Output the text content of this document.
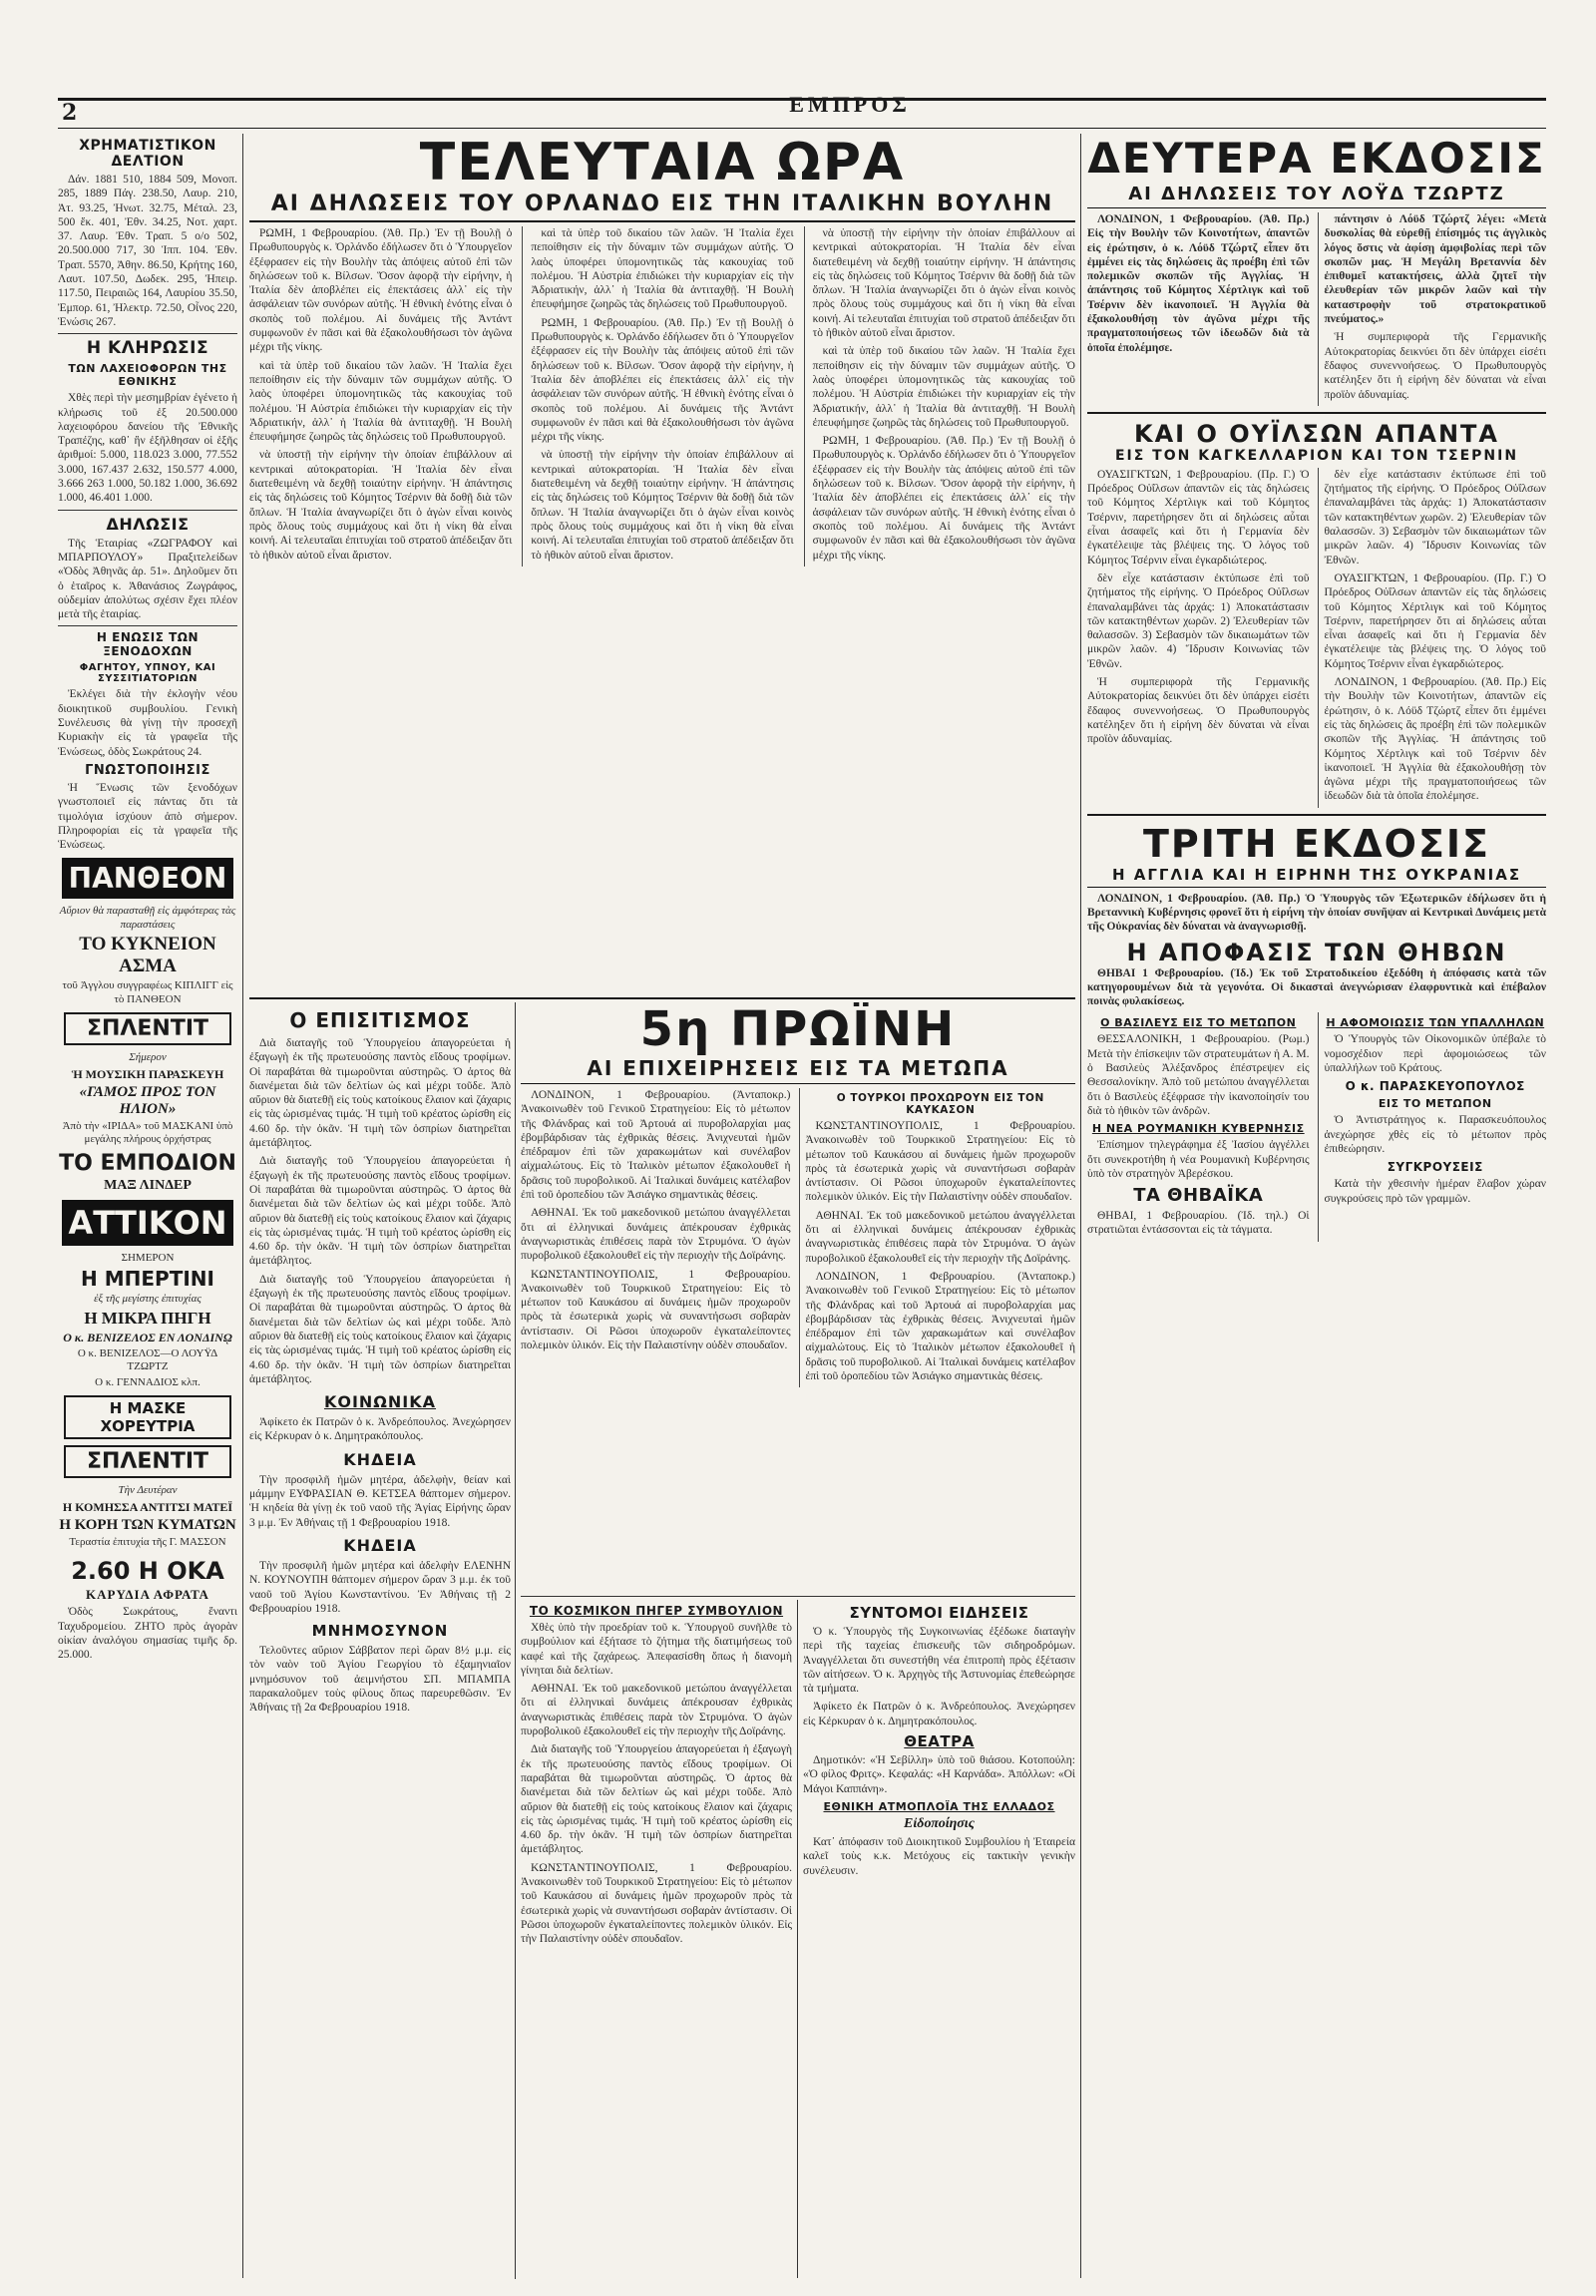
2	ΕΜΠΡΟΣ
ΧΡΗΜΑΤΙΣΤΙΚΟΝ ΔΕΛΤΙΟΝ

Δάν. 1881 510, 1884 509, Μονοπ. 285, 1889 Πάγ. 238.50, Λαυρ. 210, Ἀτ. 93.25, Ἠνωτ. 32.75, Μέταλ. 23, 500 ἔκ. 401, Ἐθν. 34.25, Νοτ. χαρτ. 37. Λαυρ. Ἐθν. Τραπ. 5 ο/ο 502, 20.500.000 717, 30 Ἱππ. 104. Ἐθν. Τραπ. 5570, Ἀθην. 86.50, Κρήτης 160, Λαυτ. 107.50, Δωδεκ. 295, Ἠπειρ. 117.50, Πειραιῶς 164, Λαυρίου 35.50, Ἐμπορ. 61, Ἠλεκτρ. 72.50, Οἶνος 220, Ἑνώσις 267.

Η ΚΛΗΡΩΣΙΣ
ΤΩΝ ΛΑΧΕΙΟΦΟΡΩΝ ΤΗΣ ΕΘΝΙΚΗΣ

Χθὲς περὶ τὴν μεσημβρίαν ἐγένετο ἡ κλήρωσις τοῦ ἐξ 20.500.000 λαχειοφόρου δανείου τῆς Ἐθνικῆς Τραπέζης, καθ᾽ ἣν ἐξῆλθησαν οἱ ἑξῆς ἀριθμοί: 5.000, 118.023 3.000, 77.552 3.000, 167.437 2.632, 150.577 4.000, 3.666 263 1.000, 50.182 1.000, 36.692 1.000, 46.401 1.000.

ΔΗΛΩΣΙΣ

Τῆς Ἑταιρίας «ΖΩΓΡΑΦΟΥ καὶ ΜΠΑΡΠΟΥΛΟΥ» Πραξιτελείδων «Ὁδὸς Ἀθηνᾶς ἀρ. 51». Δηλοῦμεν ὅτι ὁ ἑταῖρος κ. Ἀθανάσιος Ζωγράφος, οὐδεμίαν ἀπολύτως σχέσιν ἔχει πλέον μετὰ τῆς ἑταιρίας.

Η ΕΝΩΣΙΣ ΤΩΝ ΞΕΝΟΔΟΧΩΝ
ΦΑΓΗΤΟΥ, ΥΠΝΟΥ, ΚΑΙ ΣΥΣΣΙΤΙΑΤΟΡΙΩΝ

Ἐκλέγει διὰ τὴν ἐκλογὴν νέου διοικητικοῦ συμβουλίου. Γενικὴ Συνέλευσις θὰ γίνῃ τὴν προσεχῆ Κυριακὴν εἰς τὰ γραφεῖα τῆς Ἑνώσεως, ὁδὸς Σωκράτους 24.

ΓΝΩΣΤΟΠΟΙΗΣΙΣ

Ἡ Ἕνωσις τῶν ξενοδόχων γνωστοποιεῖ εἰς πάντας ὅτι τὰ τιμολόγια ἰσχύουν ἀπὸ σήμερον. Πληροφορίαι εἰς τὰ γραφεῖα τῆς Ἑνώσεως.

ΠΑΝΘΕΟΝ
Αὔριον θὰ παρασταθῇ εἰς ἀμφότερας τὰς παραστάσεις
ΤΟ ΚΥΚΝΕΙΟΝ ΑΣΜΑ
τοῦ Ἀγγλου συγγραφέως ΚΙΠΛΙΓΓ εἰς τὸ ΠΑΝΘΕΟΝ
ΣΠΛΕΝΤΙΤ
Σήμερον
Ἡ ΜΟΥΣΙΚΗ ΠΑΡΑΣΚΕΥΗ
«ΓΑΜΟΣ ΠΡΟΣ ΤΟΝ ΗΛΙΟΝ»
Ἀπὸ τὴν «ΙΡΙΔΑ» τοῦ ΜΑΣΚΑΝΙ ὑπὸ μεγάλης πλήρους ὀρχήστρας
ΤΟ ΕΜΠΟΔΙΟΝ
ΜΑΞ ΛΙΝΔΕΡ
ΑΤΤΙΚΟΝ
ΣΗΜΕΡΟΝ
Η ΜΠΕΡΤΙΝΙ
ἐξ τῆς μεγίστης ἐπιτυχίας
Η ΜΙΚΡΑ ΠΗΓΗ
Ο κ. ΒΕΝΙΖΕΛΟΣ ΕΝ ΛΟΝΔΙΝῼ
Ο κ. ΒΕΝΙΖΕΛΟΣ—Ο ΛΟΥΫΔ ΤΖΩΡΤΖ
Ο κ. ΓΕΝΝΑΔΙΟΣ κλπ.
Η ΜΑΣΚΕ ΧΟΡΕΥΤΡΙΑ
ΣΠΛΕΝΤΙΤ
Τὴν Δευτέραν
Η ΚΟΜΗΣΣΑ ΑΝΤΙΤΣΙ ΜΑΤΕΪ
Η ΚΟΡΗ ΤΩΝ ΚΥΜΑΤΩΝ
Τεραστία ἐπιτυχία τῆς Γ. ΜΑΣΣΟΝ
2.60 Η ΟΚΑ
ΚΑΡΥΔΙΑ ΑΦΡΑΤΑ

Ὁδὸς Σωκράτους, ἔναντι Ταχυδρομείου. ΖΗΤΟ πρὸς ἀγορὰν οἰκίαν ἀναλόγου σημασίας τιμῆς δρ. 25.000.

ΤΕΛΕΥΤΑΙΑ ΩΡΑ
ΑΙ ΔΗΛΩΣΕΙΣ ΤΟΥ ΟΡΛΑΝΔΟ ΕΙΣ ΤΗΝ ΙΤΑΛΙΚΗΝ ΒΟΥΛΗΝ

ΡΩΜΗ, 1 Φεβρουαρίου. (Ἀθ. Πρ.) Ἐν τῇ Βουλῇ ὁ Πρωθυπουργὸς κ. Ὀρλάνδο ἐδήλωσεν ὅτι ὁ Ὑπουργεῖον ἐξέφρασεν εἰς τὴν Βουλὴν τὰς ἀπόψεις αὐτοῦ ἐπὶ τῶν δηλώσεων τοῦ κ. Βίλσων. Ὅσον ἀφορᾷ τὴν εἰρήνην, ἡ Ἰταλία δὲν ἀποβλέπει εἰς ἐπεκτάσεις ἀλλ᾽ εἰς τὴν ἀσφάλειαν τῶν συνόρων αὐτῆς. Ἡ ἐθνικὴ ἑνότης εἶναι ὁ σκοπὸς τοῦ πολέμου. Αἱ δυνάμεις τῆς Ἀντάντ συμφωνοῦν ἐν πᾶσι καὶ θὰ ἐξακολουθήσωσι τὸν ἀγῶνα μέχρι τῆς νίκης.

καὶ τὰ ὑπὲρ τοῦ δικαίου τῶν λαῶν. Ἡ Ἰταλία ἔχει πεποίθησιν εἰς τὴν δύναμιν τῶν συμμάχων αὐτῆς. Ὁ λαὸς ὑποφέρει ὑπομονητικῶς τὰς κακουχίας τοῦ πολέμου. Ἡ Αὐστρία ἐπιδιώκει τὴν κυριαρχίαν εἰς τὴν Ἀδριατικήν, ἀλλ᾽ ἡ Ἰταλία θὰ ἀντιταχθῇ. Ἡ Βουλὴ ἐπευφήμησε ζωηρῶς τὰς δηλώσεις τοῦ Πρωθυπουργοῦ.

νὰ ὑποστῇ τὴν εἰρήνην τὴν ὁποίαν ἐπιβάλλουν αἱ κεντρικαὶ αὐτοκρατορίαι. Ἡ Ἰταλία δὲν εἶναι διατεθειμένη νὰ δεχθῇ τοιαύτην εἰρήνην. Ἡ ἀπάντησις εἰς τὰς δηλώσεις τοῦ Κόμητος Τσέρνιν θὰ δοθῇ διὰ τῶν ὅπλων. Ἡ Ἰταλία ἀναγνωρίζει ὅτι ὁ ἀγὼν εἶναι κοινὸς πρὸς ὅλους τοὺς συμμάχους καὶ ὅτι ἡ νίκη θὰ εἶναι κοινή. Αἱ τελευταῖαι ἐπιτυχίαι τοῦ στρατοῦ ἀπέδειξαν ὅτι τὸ ἠθικὸν αὐτοῦ εἶναι ἄριστον.

καὶ τὰ ὑπὲρ τοῦ δικαίου τῶν λαῶν. Ἡ Ἰταλία ἔχει πεποίθησιν εἰς τὴν δύναμιν τῶν συμμάχων αὐτῆς. Ὁ λαὸς ὑποφέρει ὑπομονητικῶς τὰς κακουχίας τοῦ πολέμου. Ἡ Αὐστρία ἐπιδιώκει τὴν κυριαρχίαν εἰς τὴν Ἀδριατικήν, ἀλλ᾽ ἡ Ἰταλία θὰ ἀντιταχθῇ. Ἡ Βουλὴ ἐπευφήμησε ζωηρῶς τὰς δηλώσεις τοῦ Πρωθυπουργοῦ.

ΡΩΜΗ, 1 Φεβρουαρίου. (Ἀθ. Πρ.) Ἐν τῇ Βουλῇ ὁ Πρωθυπουργὸς κ. Ὀρλάνδο ἐδήλωσεν ὅτι ὁ Ὑπουργεῖον ἐξέφρασεν εἰς τὴν Βουλὴν τὰς ἀπόψεις αὐτοῦ ἐπὶ τῶν δηλώσεων τοῦ κ. Βίλσων. Ὅσον ἀφορᾷ τὴν εἰρήνην, ἡ Ἰταλία δὲν ἀποβλέπει εἰς ἐπεκτάσεις ἀλλ᾽ εἰς τὴν ἀσφάλειαν τῶν συνόρων αὐτῆς. Ἡ ἐθνικὴ ἑνότης εἶναι ὁ σκοπὸς τοῦ πολέμου. Αἱ δυνάμεις τῆς Ἀντάντ συμφωνοῦν ἐν πᾶσι καὶ θὰ ἐξακολουθήσωσι τὸν ἀγῶνα μέχρι τῆς νίκης.

νὰ ὑποστῇ τὴν εἰρήνην τὴν ὁποίαν ἐπιβάλλουν αἱ κεντρικαὶ αὐτοκρατορίαι. Ἡ Ἰταλία δὲν εἶναι διατεθειμένη νὰ δεχθῇ τοιαύτην εἰρήνην. Ἡ ἀπάντησις εἰς τὰς δηλώσεις τοῦ Κόμητος Τσέρνιν θὰ δοθῇ διὰ τῶν ὅπλων. Ἡ Ἰταλία ἀναγνωρίζει ὅτι ὁ ἀγὼν εἶναι κοινὸς πρὸς ὅλους τοὺς συμμάχους καὶ ὅτι ἡ νίκη θὰ εἶναι κοινή. Αἱ τελευταῖαι ἐπιτυχίαι τοῦ στρατοῦ ἀπέδειξαν ὅτι τὸ ἠθικὸν αὐτοῦ εἶναι ἄριστον.

νὰ ὑποστῇ τὴν εἰρήνην τὴν ὁποίαν ἐπιβάλλουν αἱ κεντρικαὶ αὐτοκρατορίαι. Ἡ Ἰταλία δὲν εἶναι διατεθειμένη νὰ δεχθῇ τοιαύτην εἰρήνην. Ἡ ἀπάντησις εἰς τὰς δηλώσεις τοῦ Κόμητος Τσέρνιν θὰ δοθῇ διὰ τῶν ὅπλων. Ἡ Ἰταλία ἀναγνωρίζει ὅτι ὁ ἀγὼν εἶναι κοινὸς πρὸς ὅλους τοὺς συμμάχους καὶ ὅτι ἡ νίκη θὰ εἶναι κοινή. Αἱ τελευταῖαι ἐπιτυχίαι τοῦ στρατοῦ ἀπέδειξαν ὅτι τὸ ἠθικὸν αὐτοῦ εἶναι ἄριστον.

καὶ τὰ ὑπὲρ τοῦ δικαίου τῶν λαῶν. Ἡ Ἰταλία ἔχει πεποίθησιν εἰς τὴν δύναμιν τῶν συμμάχων αὐτῆς. Ὁ λαὸς ὑποφέρει ὑπομονητικῶς τὰς κακουχίας τοῦ πολέμου. Ἡ Αὐστρία ἐπιδιώκει τὴν κυριαρχίαν εἰς τὴν Ἀδριατικήν, ἀλλ᾽ ἡ Ἰταλία θὰ ἀντιταχθῇ. Ἡ Βουλὴ ἐπευφήμησε ζωηρῶς τὰς δηλώσεις τοῦ Πρωθυπουργοῦ.

ΡΩΜΗ, 1 Φεβρουαρίου. (Ἀθ. Πρ.) Ἐν τῇ Βουλῇ ὁ Πρωθυπουργὸς κ. Ὀρλάνδο ἐδήλωσεν ὅτι ὁ Ὑπουργεῖον ἐξέφρασεν εἰς τὴν Βουλὴν τὰς ἀπόψεις αὐτοῦ ἐπὶ τῶν δηλώσεων τοῦ κ. Βίλσων. Ὅσον ἀφορᾷ τὴν εἰρήνην, ἡ Ἰταλία δὲν ἀποβλέπει εἰς ἐπεκτάσεις ἀλλ᾽ εἰς τὴν ἀσφάλειαν τῶν συνόρων αὐτῆς. Ἡ ἐθνικὴ ἑνότης εἶναι ὁ σκοπὸς τοῦ πολέμου. Αἱ δυνάμεις τῆς Ἀντάντ συμφωνοῦν ἐν πᾶσι καὶ θὰ ἐξακολουθήσωσι τὸν ἀγῶνα μέχρι τῆς νίκης.

Ο ΕΠΙΣΙΤΙΣΜΟΣ

Διὰ διαταγῆς τοῦ Ὑπουργείου ἀπαγορεύεται ἡ ἐξαγωγὴ ἐκ τῆς πρωτευούσης παντὸς εἴδους τροφίμων. Οἱ παραβάται θὰ τιμωροῦνται αὐστηρῶς. Ὁ ἀρτος θὰ διανέμεται διὰ τῶν δελτίων ὡς καὶ μέχρι τοῦδε. Ἀπὸ αὔριον θὰ διατεθῇ εἰς τοὺς κατοίκους ἔλαιον καὶ ζάχαρις εἰς τὰς ὡρισμένας τιμάς. Ἡ τιμὴ τοῦ κρέατος ὡρίσθη εἰς 4.60 δρ. τὴν ὀκᾶν. Ἡ τιμὴ τῶν ὀσπρίων διατηρεῖται ἀμετάβλητος.

Διὰ διαταγῆς τοῦ Ὑπουργείου ἀπαγορεύεται ἡ ἐξαγωγὴ ἐκ τῆς πρωτευούσης παντὸς εἴδους τροφίμων. Οἱ παραβάται θὰ τιμωροῦνται αὐστηρῶς. Ὁ ἀρτος θὰ διανέμεται διὰ τῶν δελτίων ὡς καὶ μέχρι τοῦδε. Ἀπὸ αὔριον θὰ διατεθῇ εἰς τοὺς κατοίκους ἔλαιον καὶ ζάχαρις εἰς τὰς ὡρισμένας τιμάς. Ἡ τιμὴ τοῦ κρέατος ὡρίσθη εἰς 4.60 δρ. τὴν ὀκᾶν. Ἡ τιμὴ τῶν ὀσπρίων διατηρεῖται ἀμετάβλητος.

Διὰ διαταγῆς τοῦ Ὑπουργείου ἀπαγορεύεται ἡ ἐξαγωγὴ ἐκ τῆς πρωτευούσης παντὸς εἴδους τροφίμων. Οἱ παραβάται θὰ τιμωροῦνται αὐστηρῶς. Ὁ ἀρτος θὰ διανέμεται διὰ τῶν δελτίων ὡς καὶ μέχρι τοῦδε. Ἀπὸ αὔριον θὰ διατεθῇ εἰς τοὺς κατοίκους ἔλαιον καὶ ζάχαρις εἰς τὰς ὡρισμένας τιμάς. Ἡ τιμὴ τοῦ κρέατος ὡρίσθη εἰς 4.60 δρ. τὴν ὀκᾶν. Ἡ τιμὴ τῶν ὀσπρίων διατηρεῖται ἀμετάβλητος.

ΚΟΙΝΩΝΙΚΑ

Ἀφίκετο ἐκ Πατρῶν ὁ κ. Ἀνδρεόπουλος. Ἀνεχώρησεν εἰς Κέρκυραν ὁ κ. Δημητρακόπουλος.

ΚΗΔΕΙΑ

Τὴν προσφιλῆ ἡμῶν μητέρα, ἀδελφὴν, θείαν καὶ μάμμην ΕΥΦΡΑΣΙΑΝ Θ. ΚΕΤΣΕΑ θάπτομεν σήμερον. Ἡ κηδεία θὰ γίνῃ ἐκ τοῦ ναοῦ τῆς Ἁγίας Εἰρήνης ὥραν 3 μ.μ. Ἐν Ἀθήναις τῇ 1 Φεβρουαρίου 1918.

ΚΗΔΕΙΑ

Τὴν προσφιλῆ ἡμῶν μητέρα καὶ ἀδελφὴν ΕΛΕΝΗΝ Ν. ΚΟΥΝΟΥΠΗ θάπτομεν σήμερον ὥραν 3 μ.μ. ἐκ τοῦ ναοῦ τοῦ Ἁγίου Κωνσταντίνου. Ἐν Ἀθήναις τῇ 2 Φεβρουαρίου 1918.

ΜΝΗΜΟΣΥΝΟΝ

Τελοῦντες αὔριον Σάββατον περὶ ὥραν 8½ μ.μ. εἰς τὸν ναὸν τοῦ Ἁγίου Γεωργίου τὸ ἐξαμηνιαῖον μνημόσυνον τοῦ ἀειμνήστου ΣΠ. ΜΠΑΜΠΑ παρακαλοῦμεν τοὺς φίλους ὅπως παρευρεθῶσιν. Ἐν Ἀθήναις τῇ 2α Φεβρουαρίου 1918.

5η ΠΡΩΪΝΗ
ΑΙ ΕΠΙΧΕΙΡΗΣΕΙΣ ΕΙΣ ΤΑ ΜΕΤΩΠΑ

ΛΟΝΔΙΝΟΝ, 1 Φεβρουαρίου. (Ἀνταποκρ.) Ἀνακοινωθὲν τοῦ Γενικοῦ Στρατηγείου: Εἰς τὸ μέτωπον τῆς Φλάνδρας καὶ τοῦ Ἀρτουά αἱ πυροβολαρχίαι μας ἐβομβάρδισαν τὰς ἐχθρικὰς θέσεις. Ἀνιχνευταὶ ἡμῶν ἐπέδραμον ἐπὶ τῶν χαρακωμάτων καὶ συνέλαβον αἰχμαλώτους. Εἰς τὸ Ἰταλικὸν μέτωπον ἐξακολουθεῖ ἡ δρᾶσις τοῦ πυροβολικοῦ. Αἱ Ἰταλικαὶ δυνάμεις κατέλαβον ἐπὶ τοῦ ὀροπεδίου τῶν Ἀσιάγκο σημαντικὰς θέσεις.

ΑΘΗΝΑΙ. Ἐκ τοῦ μακεδονικοῦ μετώπου ἀναγγέλλεται ὅτι αἱ ἑλληνικαὶ δυνάμεις ἀπέκρουσαν ἐχθρικὰς ἀναγνωριστικὰς ἐπιθέσεις παρὰ τὸν Στρυμόνα. Ὁ ἀγὼν πυροβολικοῦ ἐξακολουθεῖ εἰς τὴν περιοχὴν τῆς Δοϊράνης.

ΚΩΝΣΤΑΝΤΙΝΟΥΠΟΛΙΣ, 1 Φεβρουαρίου. Ἀνακοινωθὲν τοῦ Τουρκικοῦ Στρατηγείου: Εἰς τὸ μέτωπον τοῦ Καυκάσου αἱ δυνάμεις ἡμῶν προχωροῦν πρὸς τὰ ἐσωτερικὰ χωρὶς νὰ συναντήσωσι σοβαρὰν ἀντίστασιν. Οἱ Ρῶσοι ὑποχωροῦν ἐγκαταλείποντες πολεμικὸν ὑλικόν. Εἰς τὴν Παλαιστίνην οὐδὲν σπουδαῖον.

Ο ΤΟΥΡΚΟΙ ΠΡΟΧΩΡΟΥΝ ΕΙΣ ΤΟΝ ΚΑΥΚΑΣΟΝ

ΚΩΝΣΤΑΝΤΙΝΟΥΠΟΛΙΣ, 1 Φεβρουαρίου. Ἀνακοινωθὲν τοῦ Τουρκικοῦ Στρατηγείου: Εἰς τὸ μέτωπον τοῦ Καυκάσου αἱ δυνάμεις ἡμῶν προχωροῦν πρὸς τὰ ἐσωτερικὰ χωρὶς νὰ συναντήσωσι σοβαρὰν ἀντίστασιν. Οἱ Ρῶσοι ὑποχωροῦν ἐγκαταλείποντες πολεμικὸν ὑλικόν. Εἰς τὴν Παλαιστίνην οὐδὲν σπουδαῖον.

ΑΘΗΝΑΙ. Ἐκ τοῦ μακεδονικοῦ μετώπου ἀναγγέλλεται ὅτι αἱ ἑλληνικαὶ δυνάμεις ἀπέκρουσαν ἐχθρικὰς ἀναγνωριστικὰς ἐπιθέσεις παρὰ τὸν Στρυμόνα. Ὁ ἀγὼν πυροβολικοῦ ἐξακολουθεῖ εἰς τὴν περιοχὴν τῆς Δοϊράνης.

ΛΟΝΔΙΝΟΝ, 1 Φεβρουαρίου. (Ἀνταποκρ.) Ἀνακοινωθὲν τοῦ Γενικοῦ Στρατηγείου: Εἰς τὸ μέτωπον τῆς Φλάνδρας καὶ τοῦ Ἀρτουά αἱ πυροβολαρχίαι μας ἐβομβάρδισαν τὰς ἐχθρικὰς θέσεις. Ἀνιχνευταὶ ἡμῶν ἐπέδραμον ἐπὶ τῶν χαρακωμάτων καὶ συνέλαβον αἰχμαλώτους. Εἰς τὸ Ἰταλικὸν μέτωπον ἐξακολουθεῖ ἡ δρᾶσις τοῦ πυροβολικοῦ. Αἱ Ἰταλικαὶ δυνάμεις κατέλαβον ἐπὶ τοῦ ὀροπεδίου τῶν Ἀσιάγκο σημαντικὰς θέσεις.

ΤΟ ΚΟΣΜΙΚΟΝ ΠΗΓΕΡ ΣΥΜΒΟΥΛΙΟΝ

Χθὲς ὑπὸ τὴν προεδρίαν τοῦ κ. Ὑπουργοῦ συνῆλθε τὸ συμβούλιον καὶ ἐξήτασε τὸ ζήτημα τῆς διατιμήσεως τοῦ καφέ καὶ τῆς ζαχάρεως. Ἀπεφασίσθη ὅπως ἡ διανομὴ γίνηται διὰ δελτίων.

ΑΘΗΝΑΙ. Ἐκ τοῦ μακεδονικοῦ μετώπου ἀναγγέλλεται ὅτι αἱ ἑλληνικαὶ δυνάμεις ἀπέκρουσαν ἐχθρικὰς ἀναγνωριστικὰς ἐπιθέσεις παρὰ τὸν Στρυμόνα. Ὁ ἀγὼν πυροβολικοῦ ἐξακολουθεῖ εἰς τὴν περιοχὴν τῆς Δοϊράνης.

Διὰ διαταγῆς τοῦ Ὑπουργείου ἀπαγορεύεται ἡ ἐξαγωγὴ ἐκ τῆς πρωτευούσης παντὸς εἴδους τροφίμων. Οἱ παραβάται θὰ τιμωροῦνται αὐστηρῶς. Ὁ ἀρτος θὰ διανέμεται διὰ τῶν δελτίων ὡς καὶ μέχρι τοῦδε. Ἀπὸ αὔριον θὰ διατεθῇ εἰς τοὺς κατοίκους ἔλαιον καὶ ζάχαρις εἰς τὰς ὡρισμένας τιμάς. Ἡ τιμὴ τοῦ κρέατος ὡρίσθη εἰς 4.60 δρ. τὴν ὀκᾶν. Ἡ τιμὴ τῶν ὀσπρίων διατηρεῖται ἀμετάβλητος.

ΚΩΝΣΤΑΝΤΙΝΟΥΠΟΛΙΣ, 1 Φεβρουαρίου. Ἀνακοινωθὲν τοῦ Τουρκικοῦ Στρατηγείου: Εἰς τὸ μέτωπον τοῦ Καυκάσου αἱ δυνάμεις ἡμῶν προχωροῦν πρὸς τὰ ἐσωτερικὰ χωρὶς νὰ συναντήσωσι σοβαρὰν ἀντίστασιν. Οἱ Ρῶσοι ὑποχωροῦν ἐγκαταλείποντες πολεμικὸν ὑλικόν. Εἰς τὴν Παλαιστίνην οὐδὲν σπουδαῖον.

ΣΥΝΤΟΜΟΙ ΕΙΔΗΣΕΙΣ

Ὁ κ. Ὑπουργὸς τῆς Συγκοινωνίας ἐξέδωκε διαταγὴν περὶ τῆς ταχείας ἐπισκευῆς τῶν σιδηροδρόμων. Ἀναγγέλλεται ὅτι συνεστήθη νέα ἐπιτροπὴ πρὸς ἐξέτασιν τῶν αἰτήσεων. Ὁ κ. Ἀρχηγὸς τῆς Ἀστυνομίας ἐπεθεώρησε τὰ τμήματα.

Ἀφίκετο ἐκ Πατρῶν ὁ κ. Ἀνδρεόπουλος. Ἀνεχώρησεν εἰς Κέρκυραν ὁ κ. Δημητρακόπουλος.

ΘΕΑΤΡΑ

Δημοτικόν: «Ἡ Σεβίλλη» ὑπὸ τοῦ θιάσου. Κοτοπούλη: «Ὁ φίλος Φριτς». Κεφαλάς: «Η Καρνάδα». Ἀπόλλων: «Οἱ Μάγοι Καππάνη».

ΕΘΝΙΚΗ ΑΤΜΟΠΛΟΪΑ ΤΗΣ ΕΛΛΑΔΟΣ
Εἰδοποίησις

Κατ᾽ ἀπόφασιν τοῦ Διοικητικοῦ Συμβουλίου ἡ Ἐταιρεία καλεῖ τοὺς κ.κ. Μετόχους εἰς τακτικὴν γενικὴν συνέλευσιν.

ΔΕΥΤΕΡΑ ΕΚΔΟΣΙΣ
ΑΙ ΔΗΛΩΣΕΙΣ ΤΟΥ ΛΟΫΔ ΤΖΩΡΤΖ

ΛΟΝΔΙΝΟΝ, 1 Φεβρουαρίου. (Ἀθ. Πρ.) Εἰς τὴν Βουλὴν τῶν Κοινοτήτων, ἀπαντῶν εἰς ἐρώτησιν, ὁ κ. Λόϋδ Τζώρτζ εἶπεν ὅτι ἐμμένει εἰς τὰς δηλώσεις ἃς προέβη ἐπὶ τῶν πολεμικῶν σκοπῶν τῆς Ἀγγλίας. Ἡ ἀπάντησις τοῦ Κόμητος Χέρτλιγκ καὶ τοῦ Τσέρνιν δὲν ἱκανοποιεῖ. Ἡ Ἀγγλία θὰ ἐξακολουθήσῃ τὸν ἀγῶνα μέχρι τῆς πραγματοποιήσεως τῶν ἰδεωδῶν διὰ τὰ ὁποῖα ἐπολέμησε.

πάντησιν ὁ Λόϋδ Τζώρτζ λέγει: «Μετὰ δυσκολίας θὰ εὑρεθῇ ἐπίσημός τις ἀγγλικὸς λόγος ὅστις νὰ ἀφίσῃ ἀμφιβολίας περὶ τῶν σκοπῶν μας. Ἡ Μεγάλη Βρεταννία δὲν ἐπιθυμεῖ κατακτήσεις, ἀλλὰ ζητεῖ τὴν ἐλευθερίαν τῶν μικρῶν λαῶν καὶ τὴν καταστροφὴν τοῦ στρατοκρατικοῦ πνεύματος.»

Ἡ συμπεριφορὰ τῆς Γερμανικῆς Αὐτοκρατορίας δεικνύει ὅτι δὲν ὑπάρχει εἰσέτι ἔδαφος συνεννοήσεως. Ὁ Πρωθυπουργὸς κατέληξεν ὅτι ἡ εἰρήνη δὲν δύναται νὰ εἶναι προϊὸν ἀδυναμίας.

ΚΑΙ Ο ΟΥΪΛΣΩΝ ΑΠΑΝΤΑ
ΕΙΣ ΤΟΝ ΚΑΓΚΕΛΛΑΡΙΟΝ ΚΑΙ ΤΟΝ ΤΣΕΡΝΙΝ

ΟΥΑΣΙΓΚΤΩΝ, 1 Φεβρουαρίου. (Πρ. Γ.) Ὁ Πρόεδρος Οὐΐλσων ἀπαντῶν εἰς τὰς δηλώσεις τοῦ Κόμητος Χέρτλιγκ καὶ τοῦ Κόμητος Τσέρνιν, παρετήρησεν ὅτι αἱ δηλώσεις αὗται εἶναι ἀσαφεῖς καὶ ὅτι ἡ Γερμανία δὲν ἐγκατέλειψε τὰς βλέψεις της. Ὁ λόγος τοῦ Κόμητος Τσέρνιν εἶναι ἐγκαρδιώτερος.

δὲν εἶχε κατάστασιν ἐκτύπωσε ἐπὶ τοῦ ζητήματος τῆς εἰρήνης. Ὁ Πρόεδρος Οὐΐλσων ἐπαναλαμβάνει τὰς ἀρχάς: 1) Ἀποκατάστασιν τῶν κατακτηθέντων χωρῶν. 2) Ἐλευθερίαν τῶν θαλασσῶν. 3) Σεβασμὸν τῶν δικαιωμάτων τῶν μικρῶν λαῶν. 4) Ἵδρυσιν Κοινωνίας τῶν Ἐθνῶν.

Ἡ συμπεριφορὰ τῆς Γερμανικῆς Αὐτοκρατορίας δεικνύει ὅτι δὲν ὑπάρχει εἰσέτι ἔδαφος συνεννοήσεως. Ὁ Πρωθυπουργὸς κατέληξεν ὅτι ἡ εἰρήνη δὲν δύναται νὰ εἶναι προϊὸν ἀδυναμίας.

δὲν εἶχε κατάστασιν ἐκτύπωσε ἐπὶ τοῦ ζητήματος τῆς εἰρήνης. Ὁ Πρόεδρος Οὐΐλσων ἐπαναλαμβάνει τὰς ἀρχάς: 1) Ἀποκατάστασιν τῶν κατακτηθέντων χωρῶν. 2) Ἐλευθερίαν τῶν θαλασσῶν. 3) Σεβασμὸν τῶν δικαιωμάτων τῶν μικρῶν λαῶν. 4) Ἵδρυσιν Κοινωνίας τῶν Ἐθνῶν.

ΟΥΑΣΙΓΚΤΩΝ, 1 Φεβρουαρίου. (Πρ. Γ.) Ὁ Πρόεδρος Οὐΐλσων ἀπαντῶν εἰς τὰς δηλώσεις τοῦ Κόμητος Χέρτλιγκ καὶ τοῦ Κόμητος Τσέρνιν, παρετήρησεν ὅτι αἱ δηλώσεις αὗται εἶναι ἀσαφεῖς καὶ ὅτι ἡ Γερμανία δὲν ἐγκατέλειψε τὰς βλέψεις της. Ὁ λόγος τοῦ Κόμητος Τσέρνιν εἶναι ἐγκαρδιώτερος.

ΛΟΝΔΙΝΟΝ, 1 Φεβρουαρίου. (Ἀθ. Πρ.) Εἰς τὴν Βουλὴν τῶν Κοινοτήτων, ἀπαντῶν εἰς ἐρώτησιν, ὁ κ. Λόϋδ Τζώρτζ εἶπεν ὅτι ἐμμένει εἰς τὰς δηλώσεις ἃς προέβη ἐπὶ τῶν πολεμικῶν σκοπῶν τῆς Ἀγγλίας. Ἡ ἀπάντησις τοῦ Κόμητος Χέρτλιγκ καὶ τοῦ Τσέρνιν δὲν ἱκανοποιεῖ. Ἡ Ἀγγλία θὰ ἐξακολουθήσῃ τὸν ἀγῶνα μέχρι τῆς πραγματοποιήσεως τῶν ἰδεωδῶν διὰ τὰ ὁποῖα ἐπολέμησε.

ΤΡΙΤΗ ΕΚΔΟΣΙΣ
Η ΑΓΓΛΙΑ ΚΑΙ Η ΕΙΡΗΝΗ ΤΗΣ ΟΥΚΡΑΝΙΑΣ

ΛΟΝΔΙΝΟΝ, 1 Φεβρουαρίου. (Ἀθ. Πρ.) Ὁ Ὑπουργὸς τῶν Ἐξωτερικῶν ἐδήλωσεν ὅτι ἡ Βρεταννικὴ Κυβέρνησις φρονεῖ ὅτι ἡ εἰρήνη τὴν ὁποίαν συνῆψαν αἱ Κεντρικαὶ Δυνάμεις μετὰ τῆς Οὐκρανίας δὲν δύναται νὰ ἀναγνωρισθῇ.

Η ΑΠΟΦΑΣΙΣ ΤΩΝ ΘΗΒΩΝ

ΘΗΒΑΙ 1 Φεβρουαρίου. (Ἰδ.) Ἐκ τοῦ Στρατοδικείου ἐξεδόθη ἡ ἀπόφασις κατὰ τῶν κατηγορουμένων διὰ τὰ γεγονότα. Οἱ δικασταὶ ἀνεγνώρισαν ἐλαφρυντικὰ καὶ ἐπέβαλον ποινὰς φυλακίσεως.

Ο ΒΑΣΙΛΕΥΣ ΕΙΣ ΤΟ ΜΕΤΩΠΟΝ

ΘΕΣΣΑΛΟΝΙΚΗ, 1 Φεβρουαρίου. (Ρωμ.) Μετὰ τὴν ἐπίσκεψιν τῶν στρατευμάτων ἡ Α. Μ. ὁ Βασιλεὺς Ἀλέξανδρος ἐπέστρεψεν εἰς Θεσσαλονίκην. Ἀπὸ τοῦ μετώπου ἀναγγέλλεται ὅτι ὁ Βασιλεὺς ἐξέφρασε τὴν ἱκανοποίησίν του διὰ τὸ ἠθικὸν τῶν ἀνδρῶν.

Η ΝΕΑ ΡΟΥΜΑΝΙΚΗ ΚΥΒΕΡΝΗΣΙΣ

Ἐπίσημον τηλεγράφημα ἐξ Ἰασίου ἀγγέλλει ὅτι συνεκροτήθη ἡ νέα Ρουμανικὴ Κυβέρνησις ὑπὸ τὸν στρατηγὸν Ἀβερέσκου.

ΤΑ ΘΗΒΑΪΚΑ

ΘΗΒΑΙ, 1 Φεβρουαρίου. (Ἰδ. τηλ.) Οἱ στρατιῶται ἐντάσσονται εἰς τὰ τάγματα.

Η ΑΦΟΜΟΙΩΣΙΣ ΤΩΝ ΥΠΑΛΛΗΛΩΝ

Ὁ Ὑπουργὸς τῶν Οἰκονομικῶν ὑπέβαλε τὸ νομοσχέδιον περὶ ἀφομοιώσεως τῶν ὑπαλλήλων τοῦ Κράτους.

Ο κ. ΠΑΡΑΣΚΕΥΟΠΟΥΛΟΣ
ΕΙΣ ΤΟ ΜΕΤΩΠΟΝ

Ὁ Ἀντιστράτηγος κ. Παρασκευόπουλος ἀνεχώρησε χθὲς εἰς τὸ μέτωπον πρὸς ἐπιθεώρησιν.

ΣΥΓΚΡΟΥΣΕΙΣ

Κατὰ τὴν χθεσινὴν ἡμέραν ἔλαβον χώραν συγκρούσεις πρὸ τῶν γραμμῶν.
